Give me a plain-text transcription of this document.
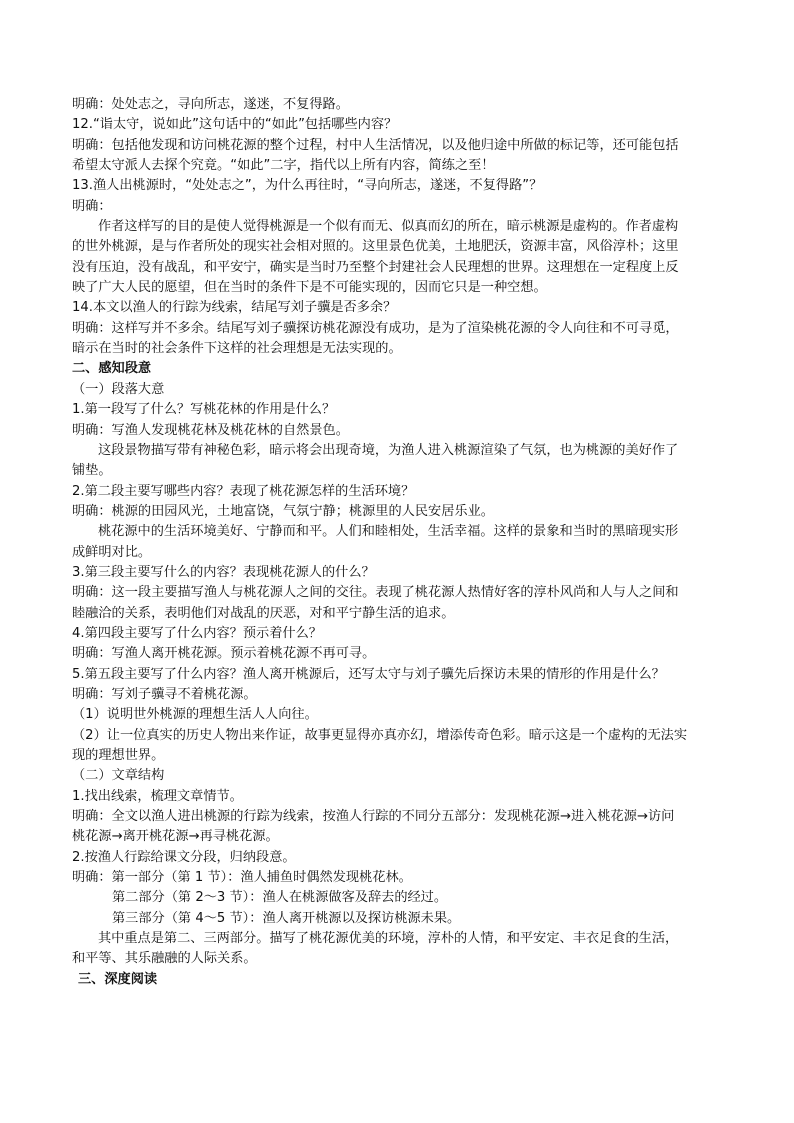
明确：处处志之，寻向所志，遂迷，不复得路。
12.“诣太守，说如此”这句话中的“如此”包括哪些内容？
明确：包括他发现和访问桃花源的整个过程，村中人生活情况，以及他归途中所做的标记等，还可能包括
希望太守派人去探个究竟。“如此”二字，指代以上所有内容，简练之至！
13.渔人出桃源时，“处处志之”，为什么再往时，“寻向所志，遂迷，不复得路”？
明确：
作者这样写的目的是使人觉得桃源是一个似有而无、似真而幻的所在，暗示桃源是虚构的。作者虚构
的世外桃源，是与作者所处的现实社会相对照的。这里景色优美，土地肥沃，资源丰富，风俗淳朴；这里
没有压迫，没有战乱，和平安宁，确实是当时乃至整个封建社会人民理想的世界。这理想在一定程度上反
映了广大人民的愿望，但在当时的条件下是不可能实现的，因而它只是一种空想。
14.本文以渔人的行踪为线索，结尾写刘子骥是否多余？
明确：这样写并不多余。结尾写刘子骥探访桃花源没有成功，是为了渲染桃花源的令人向往和不可寻觅，
暗示在当时的社会条件下这样的社会理想是无法实现的。
二、感知段意
（一）段落大意
1.第一段写了什么？写桃花林的作用是什么？
明确：写渔人发现桃花林及桃花林的自然景色。
这段景物描写带有神秘色彩，暗示将会出现奇境，为渔人进入桃源渲染了气氛，也为桃源的美好作了
铺垫。
2.第二段主要写哪些内容？表现了桃花源怎样的生活环境？
明确：桃源的田园风光，土地富饶，气氛宁静；桃源里的人民安居乐业。
桃花源中的生活环境美好、宁静而和平。人们和睦相处，生活幸福。这样的景象和当时的黑暗现实形
成鲜明对比。
3.第三段主要写什么的内容？表现桃花源人的什么？
明确：这一段主要描写渔人与桃花源人之间的交往。表现了桃花源人热情好客的淳朴风尚和人与人之间和
睦融洽的关系，表明他们对战乱的厌恶，对和平宁静生活的追求。
4.第四段主要写了什么内容？预示着什么？
明确：写渔人离开桃花源。预示着桃花源不再可寻。
5.第五段主要写了什么内容？渔人离开桃源后，还写太守与刘子骥先后探访未果的情形的作用是什么？
明确：写刘子骥寻不着桃花源。
（1）说明世外桃源的理想生活人人向往。
（2）让一位真实的历史人物出来作证，故事更显得亦真亦幻，增添传奇色彩。暗示这是一个虚构的无法实
现的理想世界。
（二）文章结构
1.找出线索，梳理文章情节。
明确：全文以渔人进出桃源的行踪为线索，按渔人行踪的不同分五部分：发现桃花源→进入桃花源→访问
桃花源→离开桃花源→再寻桃花源。
2.按渔人行踪给课文分段，归纳段意。
明确：第一部分（第 1 节）：渔人捕鱼时偶然发现桃花林。
第二部分（第 2～3 节）：渔人在桃源做客及辞去的经过。
第三部分（第 4～5 节）：渔人离开桃源以及探访桃源未果。
其中重点是第二、三两部分。描写了桃花源优美的环境，淳朴的人情，和平安定、丰衣足食的生活，
和平等、其乐融融的人际关系。
三、深度阅读
